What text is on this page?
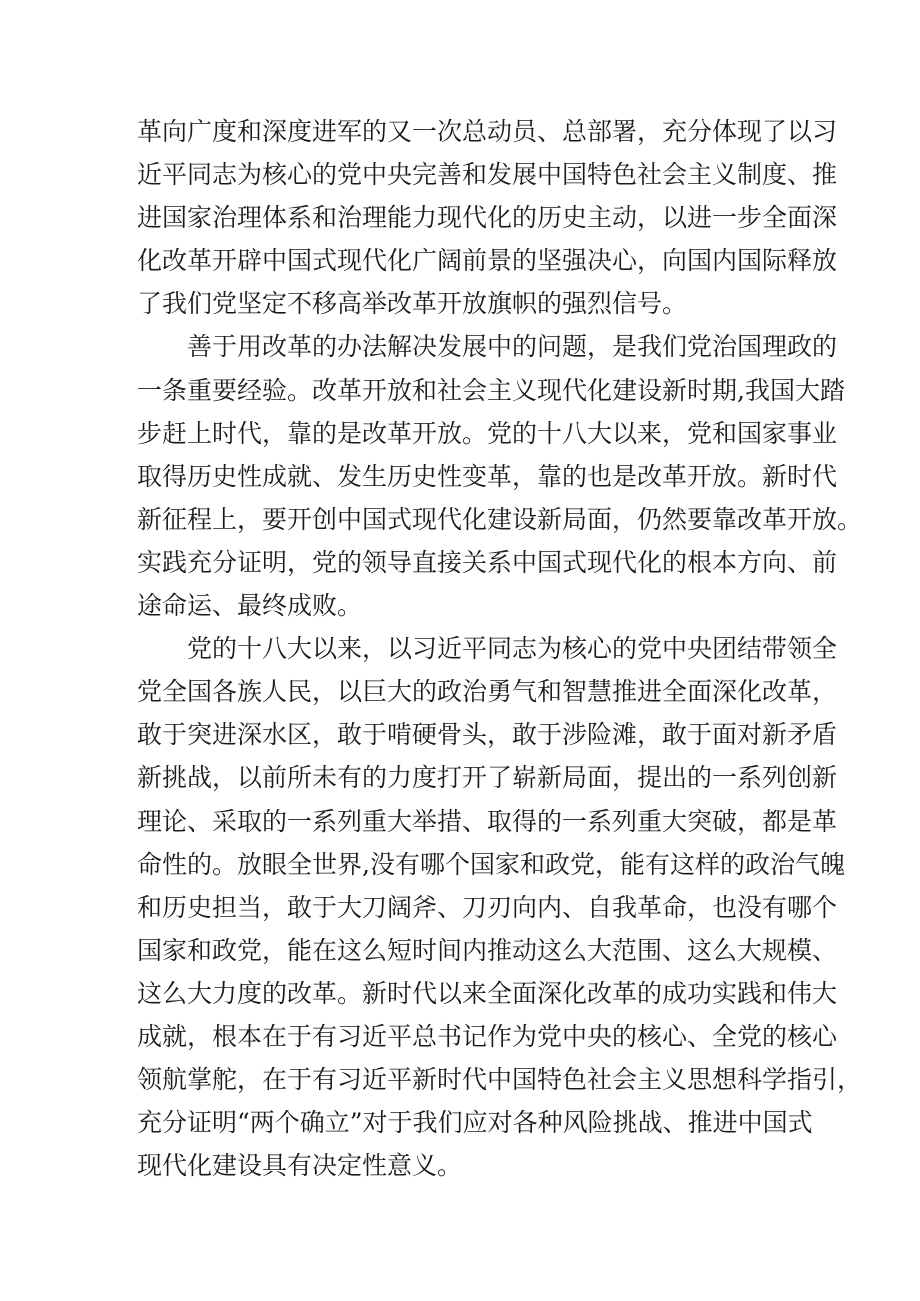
革向广度和深度进军的又一次总动员、总部署，充分体现了以习
近平同志为核心的党中央完善和发展中国特色社会主义制度、推
进国家治理体系和治理能力现代化的历史主动，以进一步全面深
化改革开辟中国式现代化广阔前景的坚强决心，向国内国际释放
了我们党坚定不移高举改革开放旗帜的强烈信号。
善于用改革的办法解决发展中的问题，是我们党治国理政的
一条重要经验。改革开放和社会主义现代化建设新时期,我国大踏
步赶上时代，靠的是改革开放。党的十八大以来，党和国家事业
取得历史性成就、发生历史性变革，靠的也是改革开放。新时代
新征程上，要开创中国式现代化建设新局面，仍然要靠改革开放。
实践充分证明，党的领导直接关系中国式现代化的根本方向、前
途命运、最终成败。
党的十八大以来，以习近平同志为核心的党中央团结带领全
党全国各族人民，以巨大的政治勇气和智慧推进全面深化改革，
敢于突进深水区，敢于啃硬骨头，敢于涉险滩，敢于面对新矛盾
新挑战，以前所未有的力度打开了崭新局面，提出的一系列创新
理论、采取的一系列重大举措、取得的一系列重大突破，都是革
命性的。放眼全世界,没有哪个国家和政党，能有这样的政治气魄
和历史担当，敢于大刀阔斧、刀刃向内、自我革命，也没有哪个
国家和政党，能在这么短时间内推动这么大范围、这么大规模、
这么大力度的改革。新时代以来全面深化改革的成功实践和伟大
成就，根本在于有习近平总书记作为党中央的核心、全党的核心
领航掌舵，在于有习近平新时代中国特色社会主义思想科学指引，
充分证明“两个确立”对于我们应对各种风险挑战、推进中国式
现代化建设具有决定性意义。
